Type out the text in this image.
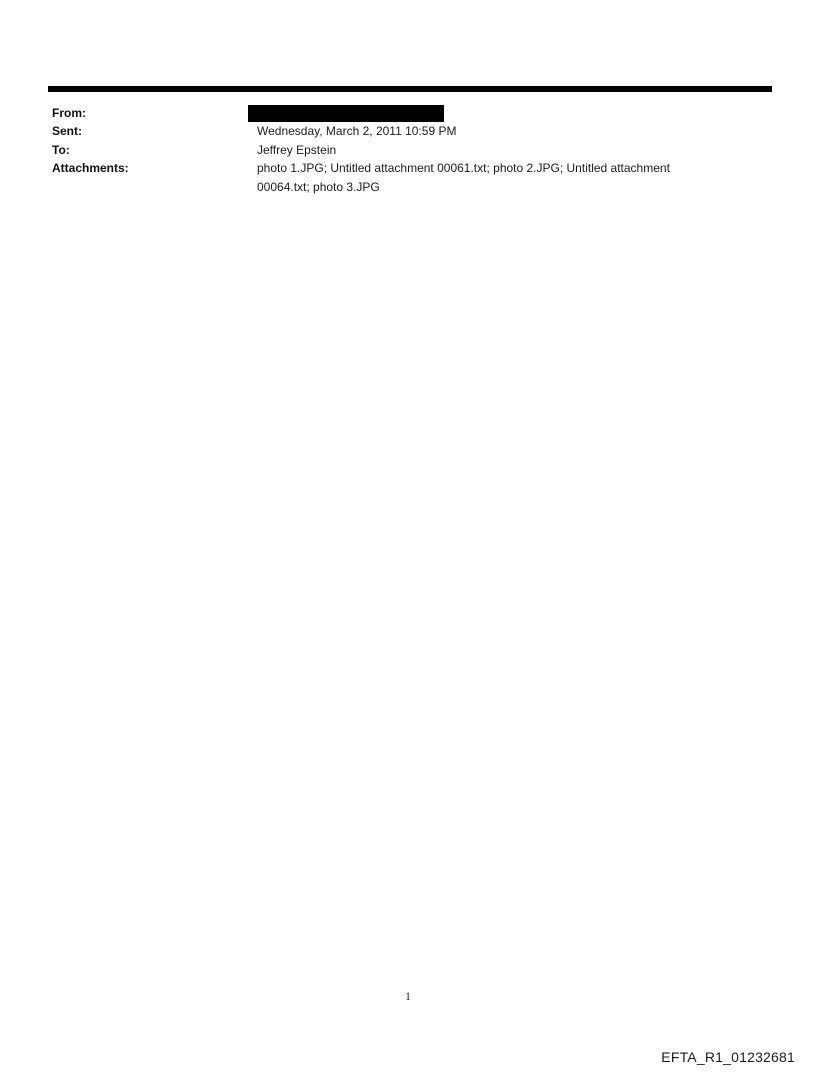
From:
Sent:	Wednesday, March 2, 2011 10:59 PM
To:	Jeffrey Epstein
Attachments:	photo 1.JPG; Untitled attachment 00061.txt; photo 2.JPG; Untitled attachment
00064.txt; photo 3.JPG
1
EFTA_R1_01232681
